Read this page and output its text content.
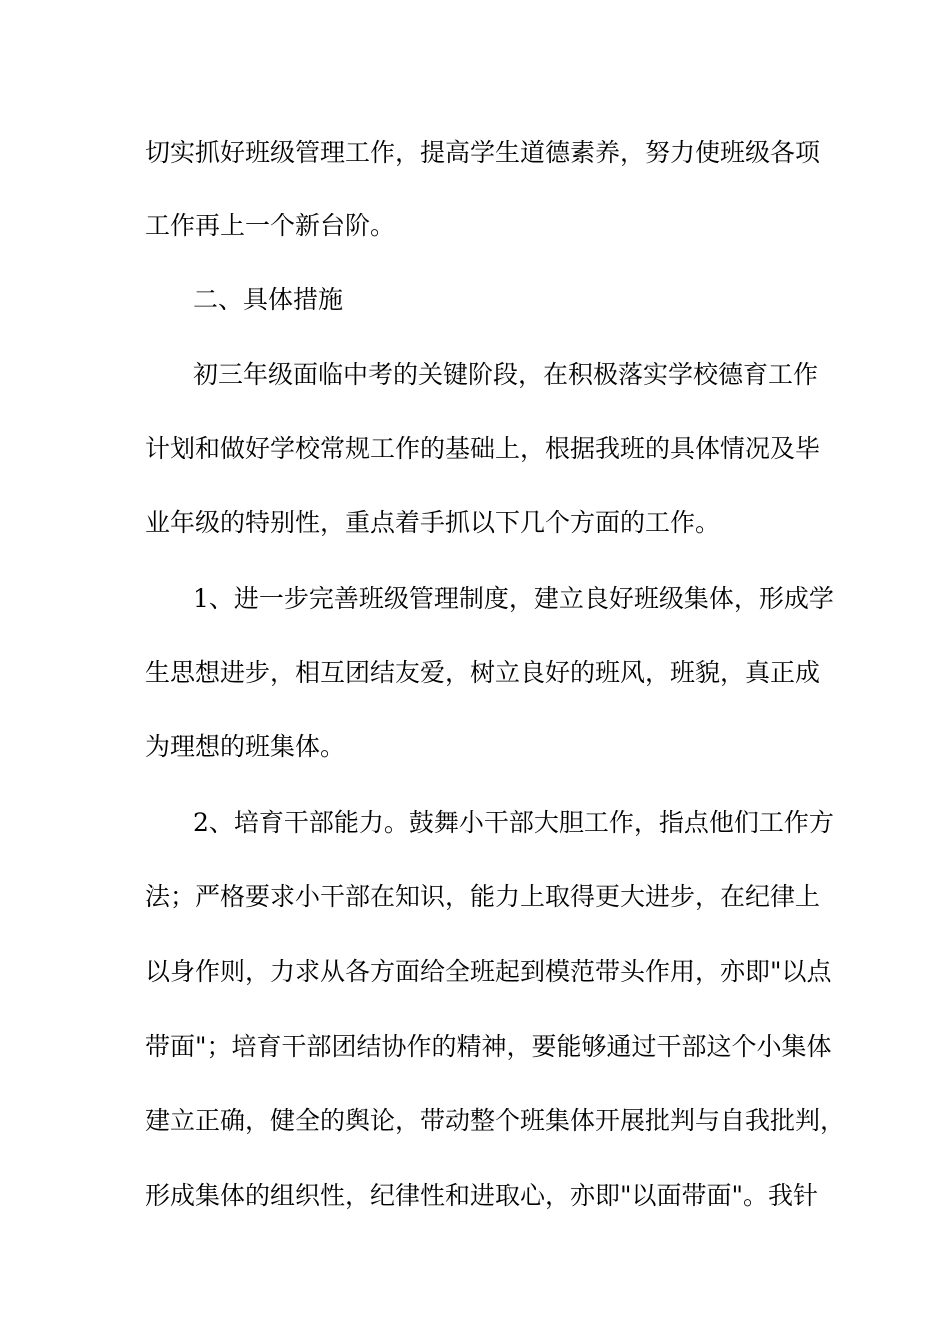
切实抓好班级管理工作，提高学生道德素养，努力使班级各项
工作再上一个新台阶。
二、具体措施
初三年级面临中考的关键阶段，在积极落实学校德育工作
计划和做好学校常规工作的基础上，根据我班的具体情况及毕
业年级的特别性，重点着手抓以下几个方面的工作。
1、进一步完善班级管理制度，建立良好班级集体，形成学
生思想进步，相互团结友爱，树立良好的班风，班貌，真正成
为理想的班集体。
2、培育干部能力。鼓舞小干部大胆工作，指点他们工作方
法；严格要求小干部在知识，能力上取得更大进步，在纪律上
以身作则，力求从各方面给全班起到模范带头作用，亦即"以点
带面"；培育干部团结协作的精神，要能够通过干部这个小集体
建立正确，健全的舆论，带动整个班集体开展批判与自我批判，
形成集体的组织性，纪律性和进取心，亦即"以面带面"。我针
